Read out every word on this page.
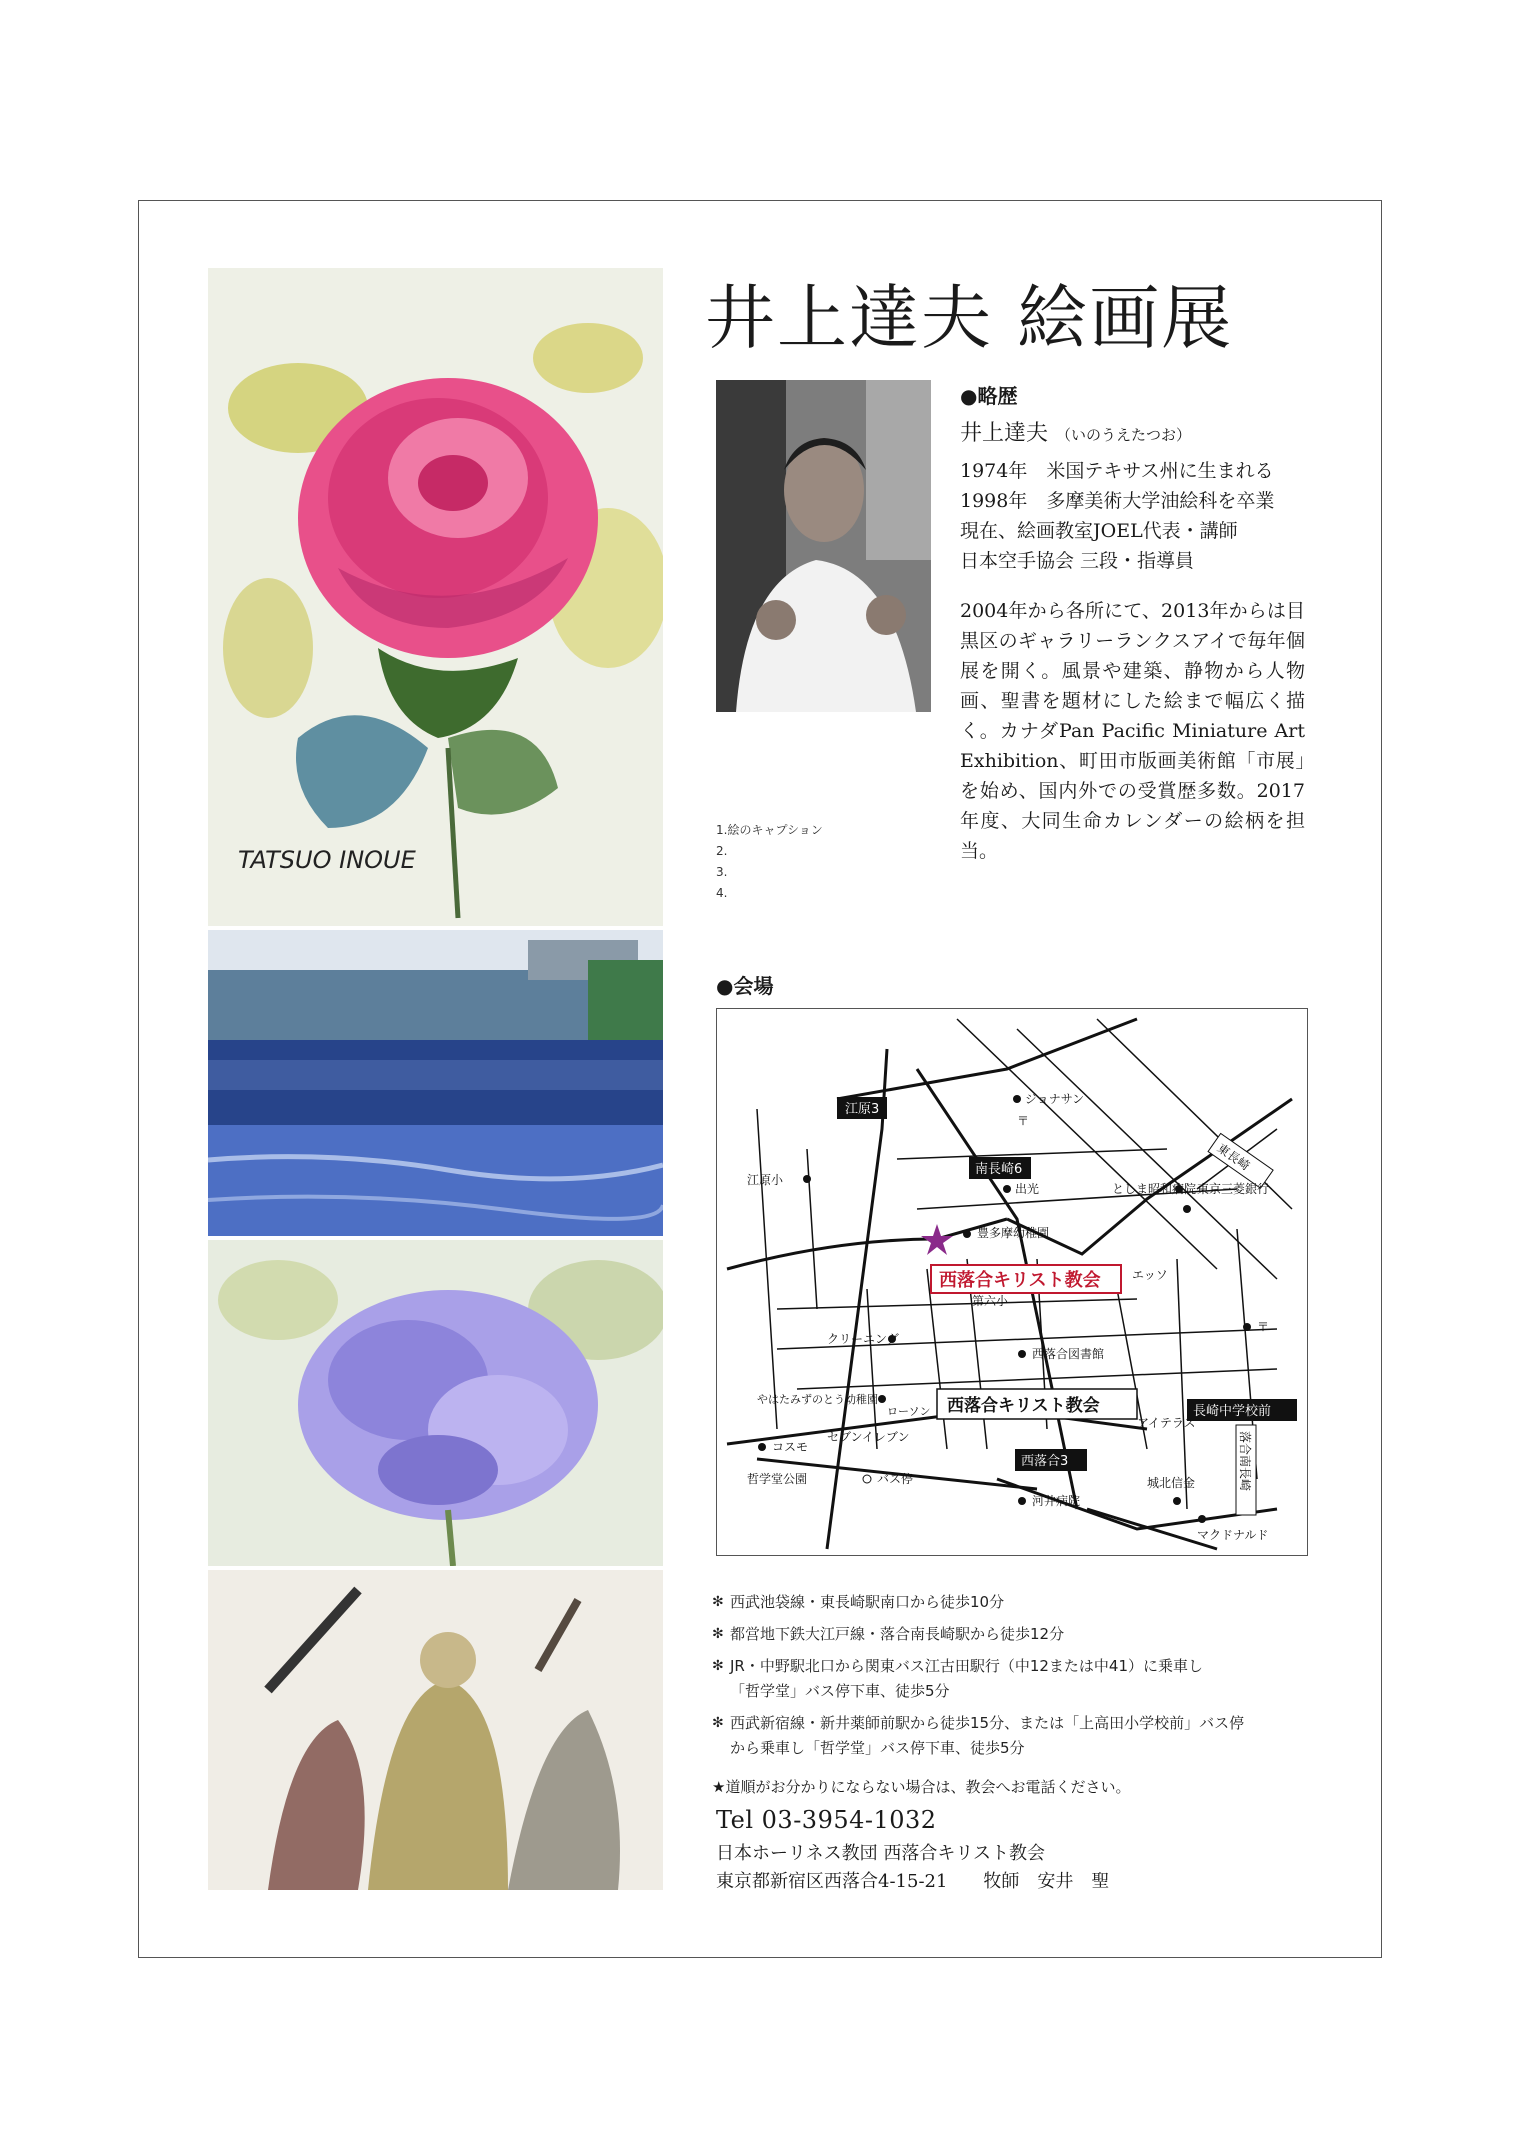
TATSUO INOUE
井上達夫 絵画展
●略歴
井上達夫 （いのうえたつお）
1974年　米国テキサス州に生まれる
1998年　多摩美術大学油絵科を卒業
現在、絵画教室JOEL代表・講師
日本空手協会 三段・指導員
2004年から各所にて、2013年からは目黒区のギャラリーランクスアイで毎年個展を開く。風景や建築、静物から人物画、聖書を題材にした絵まで幅広く描く。カナダPan Pacific Miniature Art Exhibition、町田市版画美術館「市展」を始め、国内外での受賞歴多数。2017年度、大同生命カレンダーの絵柄を担当。
1.絵のキャプション
2.
3.
4.
●会場
江原3
南長崎6
西落合3
長崎中学校前
ジョナサン
〒
東長崎
江原小
出光	としま昭和病院 東京三菱銀行
豊多摩幼稚園
エッソ
第六小
〒
クリーニング
西落合図書館
やはたみずのとう幼稚園
ローソン
コスモ
セブンイレブン
アイテラス
哲学堂公園	バス停
河井病院
城北信金
マクドナルド
落合南長崎
西落合キリスト教会
西落合キリスト教会
✻ 西武池袋線・東長崎駅南口から徒歩10分
✻ 都営地下鉄大江戸線・落合南長崎駅から徒歩12分
✻ JR・中野駅北口から関東バス江古田駅行（中12または中41）に乗車し
「哲学堂」バス停下車、徒歩5分
✻ 西武新宿線・新井薬師前駅から徒歩15分、または「上高田小学校前」バス停
から乗車し「哲学堂」バス停下車、徒歩5分
★道順がお分かりにならない場合は、教会へお電話ください。
Tel 03-3954-1032
日本ホーリネス教団 西落合キリスト教会
東京都新宿区西落合4-15-21　　牧師　安井　聖
